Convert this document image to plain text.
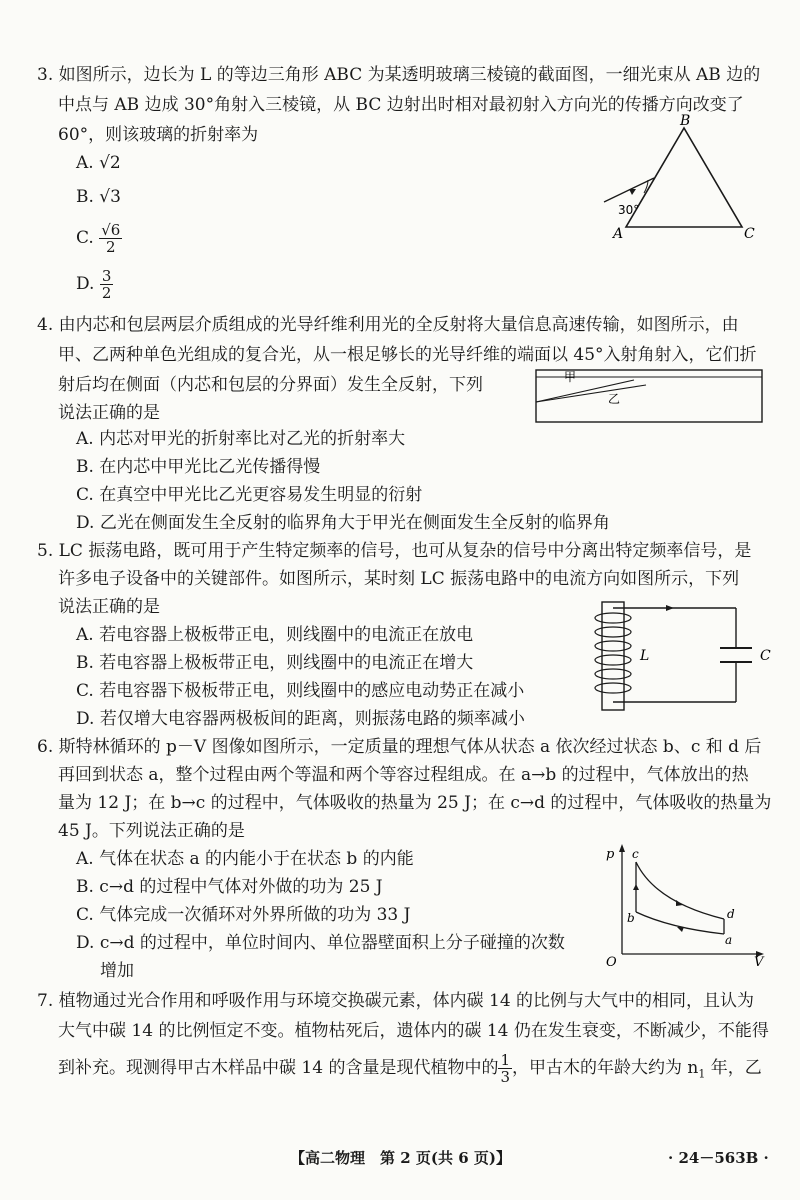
3. 如图所示，边长为 L 的等边三角形 ABC 为某透明玻璃三棱镜的截面图，一细光束从 AB 边的
中点与 AB 边成 30°角射入三棱镜，从 BC 边射出时相对最初射入方向光的传播方向改变了
60°，则该玻璃的折射率为
A. √2
B. √3
C. $\frac{√6}{2}$
D. $\frac{3}{2}$
B
A	C
30°
4. 由内芯和包层两层介质组成的光导纤维利用光的全反射将大量信息高速传输，如图所示，由
甲、乙两种单色光组成的复合光，从一根足够长的光导纤维的端面以 45°入射角射入，它们折
射后均在侧面（内芯和包层的分界面）发生全反射，下列
说法正确的是
A. 内芯对甲光的折射率比对乙光的折射率大
B. 在内芯中甲光比乙光传播得慢
C. 在真空中甲光比乙光更容易发生明显的衍射
D. 乙光在侧面发生全反射的临界角大于甲光在侧面发生全反射的临界角
甲
乙
5. LC 振荡电路，既可用于产生特定频率的信号，也可从复杂的信号中分离出特定频率信号，是
许多电子设备中的关键部件。如图所示，某时刻 LC 振荡电路中的电流方向如图所示，下列
说法正确的是
A. 若电容器上极板带正电，则线圈中的电流正在放电
B. 若电容器上极板带正电，则线圈中的电流正在增大
C. 若电容器下极板带正电，则线圈中的感应电动势正在减小
D. 若仅增大电容器两极板间的距离，则振荡电路的频率减小
L	C
6. 斯特林循环的 p－V 图像如图所示，一定质量的理想气体从状态 a 依次经过状态 b、c 和 d 后
再回到状态 a，整个过程由两个等温和两个等容过程组成。在 a→b 的过程中，气体放出的热
量为 12 J；在 b→c 的过程中，气体吸收的热量为 25 J；在 c→d 的过程中，气体吸收的热量为
45 J。下列说法正确的是
A. 气体在状态 a 的内能小于在状态 b 的内能
B. c→d 的过程中气体对外做的功为 25 J
C. 气体完成一次循环对外界所做的功为 33 J
D. c→d 的过程中，单位时间内、单位器壁面积上分子碰撞的次数
增加
p
V
O
c
b	d
a
7. 植物通过光合作用和呼吸作用与环境交换碳元素，体内碳 14 的比例与大气中的相同，且认为
大气中碳 14 的比例恒定不变。植物枯死后，遗体内的碳 14 仍在发生衰变，不断减少，不能得
到补充。现测得甲古木样品中碳 14 的含量是现代植物中的 $\frac{1}{3}$ ，甲古木的年龄大约为 $n_1$ 年，乙
【高二物理　第 2 页(共 6 页)】	· 24－563B ·
